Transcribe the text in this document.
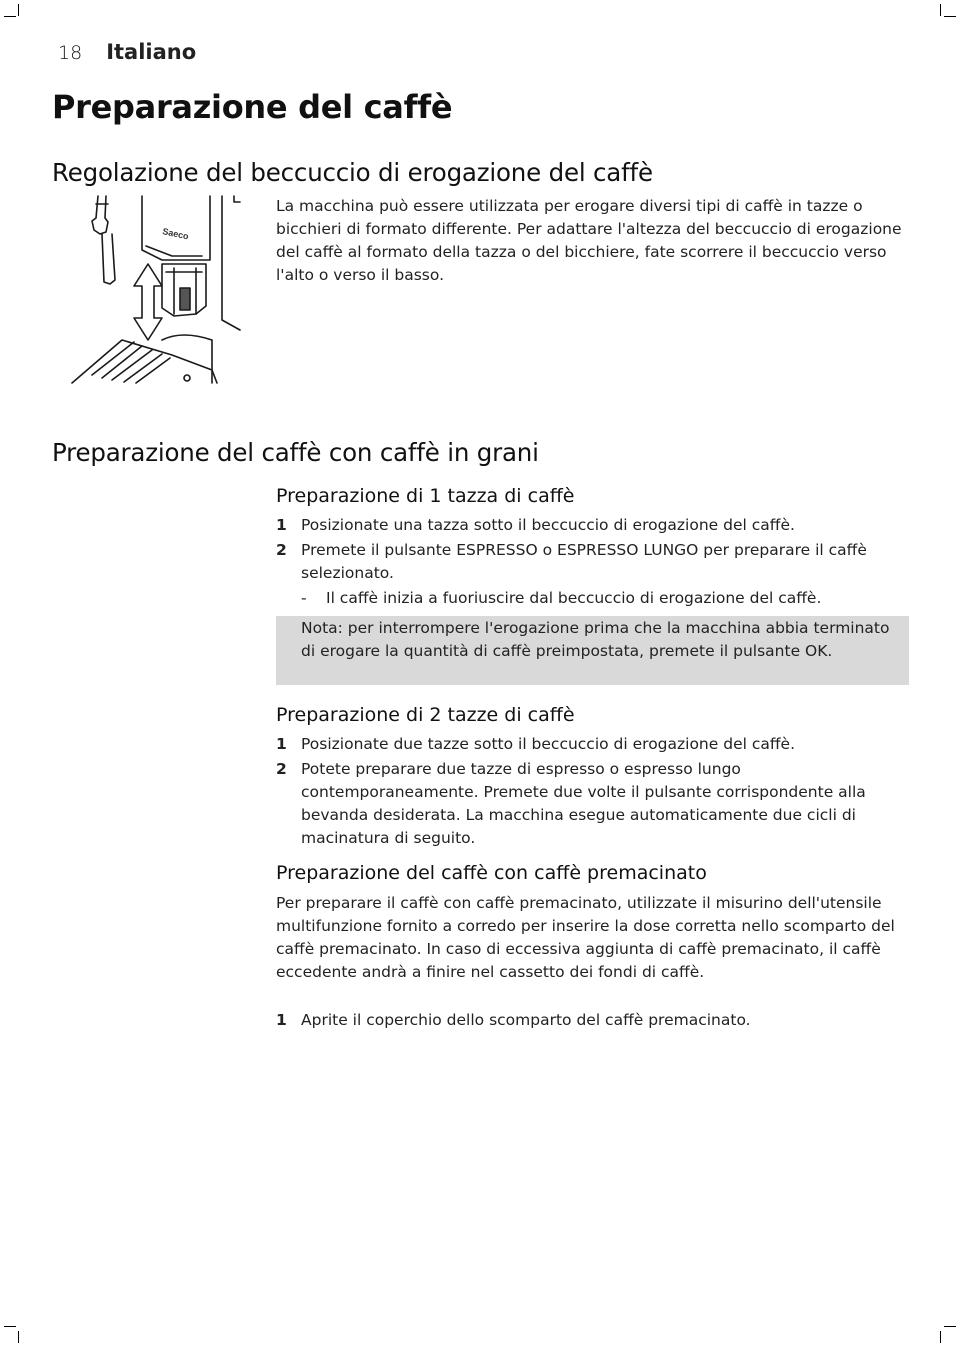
18 Italiano
Preparazione del caffè
Regolazione del beccuccio di erogazione del caffè
Saeco

La macchina può essere utilizzata per erogare diversi tipi di caffè in tazze o bicchieri di formato differente. Per adattare l'altezza del beccuccio di erogazione del caffè al formato della tazza o del bicchiere, fate scorrere il beccuccio verso l'alto o verso il basso.

Preparazione del caffè con caffè in grani
Preparazione di 1 tazza di caffè
1 Posizionate una tazza sotto il beccuccio di erogazione del caffè.
2 Premete il pulsante ESPRESSO o ESPRESSO LUNGO per preparare il caffè selezionato.
- Il caffè inizia a fuoriuscire dal beccuccio di erogazione del caffè.
Nota: per interrompere l'erogazione prima che la macchina abbia terminato di erogare la quantità di caffè preimpostata, premete il pulsante OK.
Preparazione di 2 tazze di caffè
1 Posizionate due tazze sotto il beccuccio di erogazione del caffè.
2 Potete preparare due tazze di espresso o espresso lungo contemporaneamente. Premete due volte il pulsante corrispondente alla bevanda desiderata. La macchina esegue automaticamente due cicli di macinatura di seguito.
Preparazione del caffè con caffè premacinato

Per preparare il caffè con caffè premacinato, utilizzate il misurino dell'utensile multifunzione fornito a corredo per inserire la dose corretta nello scomparto del caffè premacinato. In caso di eccessiva aggiunta di caffè premacinato, il caffè eccedente andrà a finire nel cassetto dei fondi di caffè.

1 Aprite il coperchio dello scomparto del caffè premacinato.
